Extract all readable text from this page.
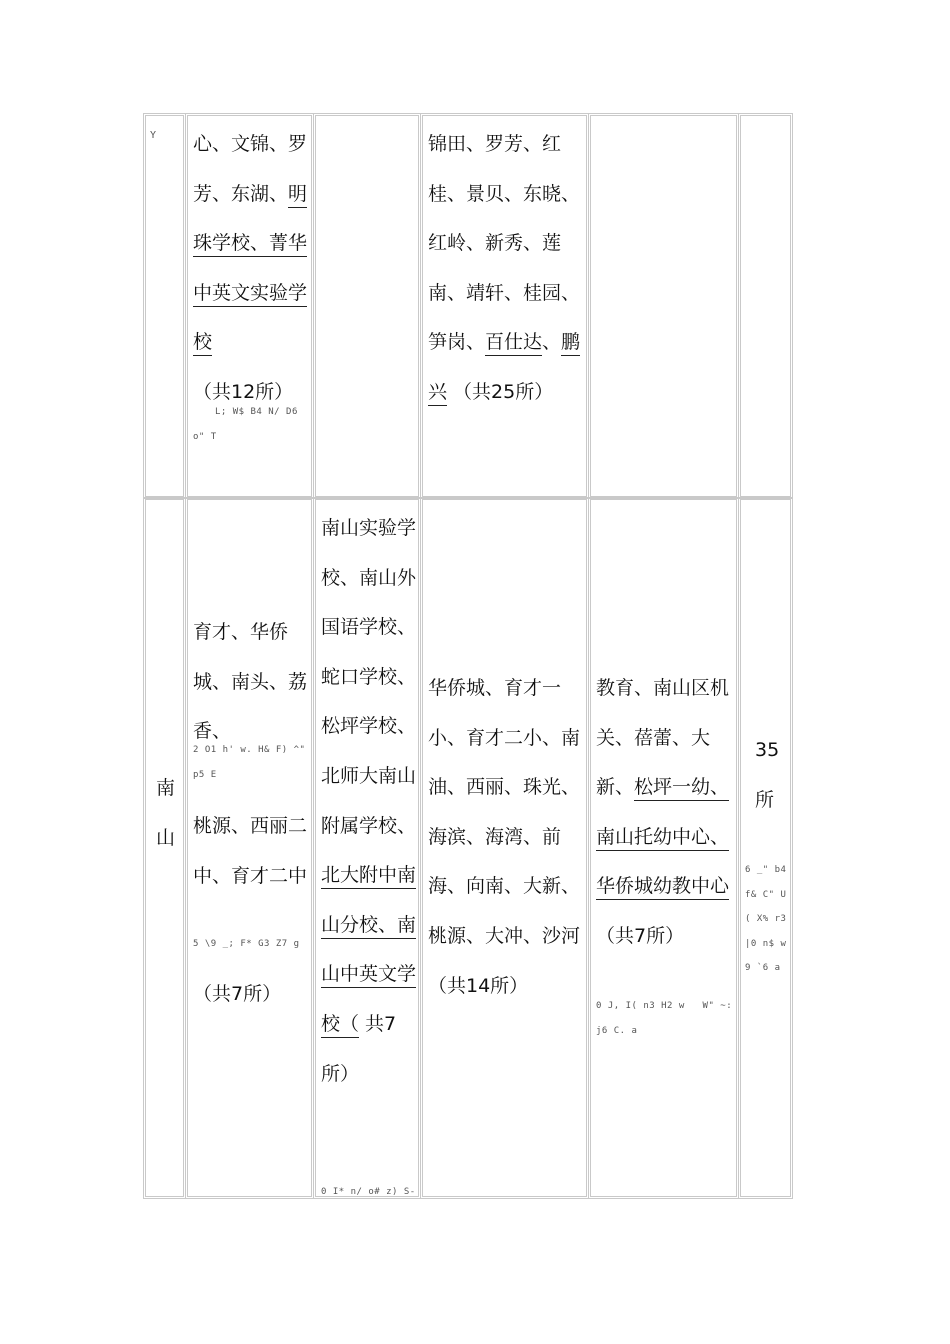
Y 心、文锦、罗芳、东湖、明珠学校、菁华中英文实验学校（共12所）
L; W$ B4 N/ D6 o" T
锦田、罗芳、红桂、景贝、东晓、红岭、新秀、莲南、靖轩、桂园、笋岗、百仕达、鹏兴 （共25所）
南山
育才、华侨城、南头、荔香、
2 O1 h' w. H& F) ^" p5 E
桃源、西丽二中、育才二中
5 \9 _; F* G3 Z7 g
（共7所）
南山实验学校、南山外国语学校、蛇口学校、松坪学校、北师大南山附属学校、北大附中南山分校、南山中英文学校（ 共7所）
0 I* n/ o# z) S-
华侨城、育才一小、育才二小、南油、西丽、珠光、海滨、海湾、前海、向南、大新、桃源、大冲、沙河 （共14所）
教育、南山区机关、蓓蕾、大新、松坪一幼、南山托幼中心、华侨城幼教中心（共7所）
0 J, I( n3 H2 w   W" ~: j6 C. a
35所
6 _" b4 f& C" U( X% r3 |0 n$ w9 `6 a
